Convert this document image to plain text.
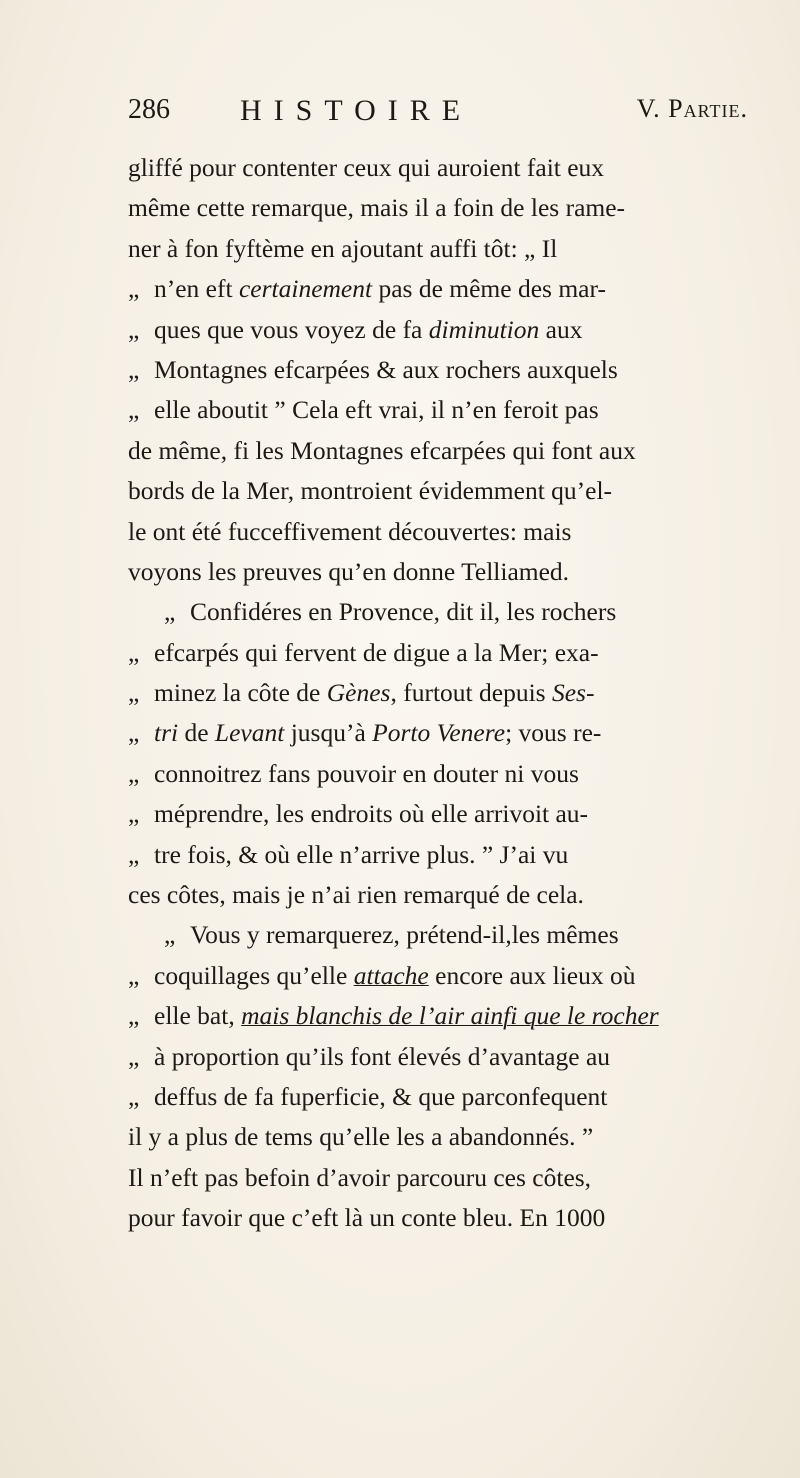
286 HISTOIRE	V. Partie.
gliffé pour contenter ceux qui auroient fait eux
même cette remarque, mais il a foin de les rame-
ner à fon fyftème en ajoutant auffi tôt: „ Il
„ n’en eft certainement pas de même des mar-
„ ques que vous voyez de fa diminution aux
„ Montagnes efcarpées & aux rochers auxquels
„ elle aboutit ” Cela eft vrai, il n’en feroit pas
de même, fi les Montagnes efcarpées qui font aux
bords de la Mer, montroient évidemment qu’el-
le ont été fucceffivement découvertes: mais
voyons les preuves qu’en donne Telliamed.
„ Confidéres en Provence, dit il, les rochers
„ efcarpés qui fervent de digue a la Mer; exa-
„ minez la côte de Gènes, furtout depuis Ses-
„ tri de Levant jusqu’à Porto Venere; vous re-
„ connoitrez fans pouvoir en douter ni vous
„ méprendre, les endroits où elle arrivoit au-
„ tre fois, & où elle n’arrive plus. ” J’ai vu
ces côtes, mais je n’ai rien remarqué de cela.
„ Vous y remarquerez, prétend-il,les mêmes
„ coquillages qu’elle attache encore aux lieux où
„ elle bat, mais blanchis de l’air ainfi que le rocher
„ à proportion qu’ils font élevés d’avantage au
„ deffus de fa fuperficie, & que parconfequent
il y a plus de tems qu’elle les a abandonnés. ”
Il n’eft pas befoin d’avoir parcouru ces côtes,
pour favoir que c’eft là un conte bleu. En 1000
